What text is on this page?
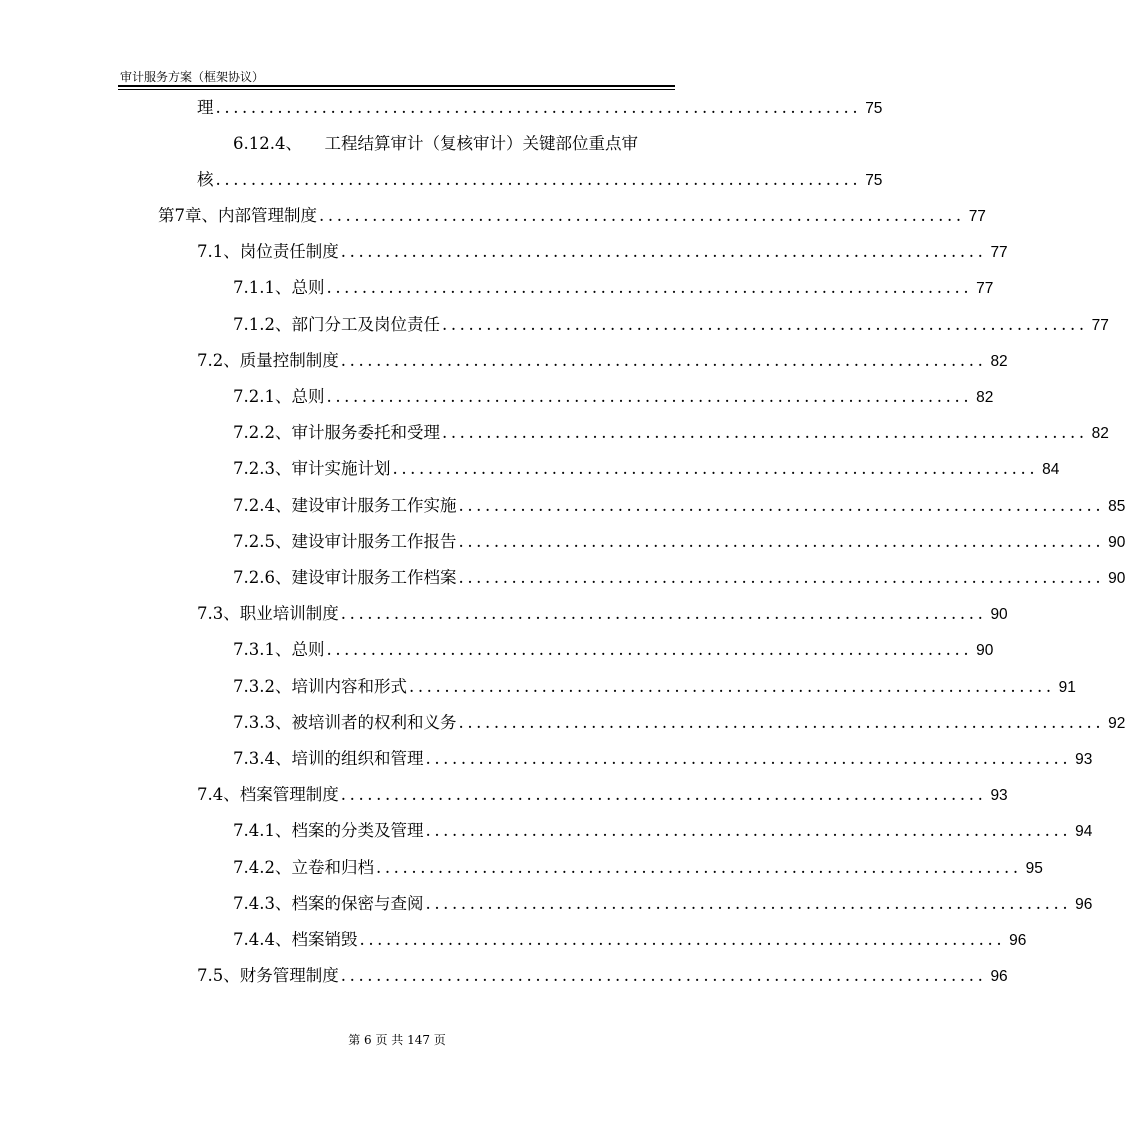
审计服务方案（框架协议）
理 ......................................................................... 75
6.12.4、 工程结算审计（复核审计）关键部位重点审
核 ......................................................................... 75
第7章、 内部管理制度 ......................................................................... 77
7.1、 岗位责任制度 ......................................................................... 77
7.1.1、 总则 ......................................................................... 77
7.1.2、 部门分工及岗位责任 ......................................................................... 77
7.2、 质量控制制度 ......................................................................... 82
7.2.1、 总则 ......................................................................... 82
7.2.2、 审计服务委托和受理 ......................................................................... 82
7.2.3、 审计实施计划 ......................................................................... 84
7.2.4、 建设审计服务工作实施 ......................................................................... 85
7.2.5、 建设审计服务工作报告 ......................................................................... 90
7.2.6、 建设审计服务工作档案 ......................................................................... 90
7.3、 职业培训制度 ......................................................................... 90
7.3.1、 总则 ......................................................................... 90
7.3.2、 培训内容和形式 ......................................................................... 91
7.3.3、 被培训者的权利和义务 ......................................................................... 92
7.3.4、 培训的组织和管理 ......................................................................... 93
7.4、 档案管理制度 ......................................................................... 93
7.4.1、 档案的分类及管理 ......................................................................... 94
7.4.2、 立卷和归档 ......................................................................... 95
7.4.3、 档案的保密与查阅 ......................................................................... 96
7.4.4、 档案销毁 ......................................................................... 96
7.5、 财务管理制度 ......................................................................... 96
第 6 页 共 147 页
